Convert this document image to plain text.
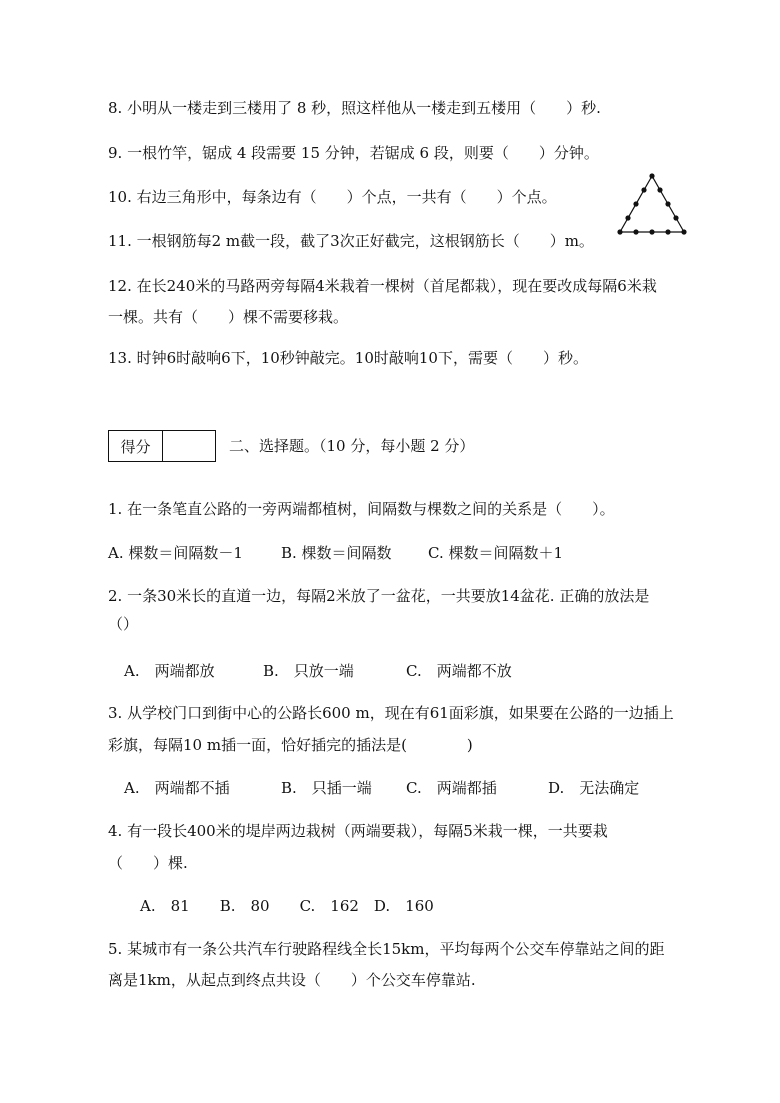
8. 小明从一楼走到三楼用了 8 秒，照这样他从一楼走到五楼用（　　）秒.
9. 一根竹竿，锯成 4 段需要 15 分钟，若锯成 6 段，则要（　　）分钟。
10. 右边三角形中，每条边有（　　）个点，一共有（　　）个点。
11. 一根钢筋每2 m截一段，截了3次正好截完，这根钢筋长（　　）m。
12. 在长240米的马路两旁每隔4米栽着一棵树（首尾都栽），现在要改成每隔6米栽
一棵。共有（　　）棵不需要移栽。
13. 时钟6时敲响6下，10秒钟敲完。10时敲响10下，需要（　　）秒。
得分	二、选择题。（10 分，每小题 2 分）
1. 在一条笔直公路的一旁两端都植树，间隔数与棵数之间的关系是（　　）。
A. 棵数＝间隔数－1	B. 棵数＝间隔数 C. 棵数＝间隔数＋1
2. 一条30米长的直道一边，每隔2米放了一盆花，一共要放14盆花. 正确的放法是
（）
A.　两端都放	B.　只放一端	C.　两端都不放
3. 从学校门口到街中心的公路长600 m，现在有61面彩旗，如果要在公路的一边插上
彩旗，每隔10 m插一面，恰好插完的插法是(　　　　)
A.　两端都不插	B.　只插一端 C.　两端都插	D.　无法确定
4. 有一段长400米的堤岸两边栽树（两端要栽），每隔5米栽一棵，一共要栽
（　　）棵.
A.　81　　B.　80　　C.　162　D.　160
5. 某城市有一条公共汽车行驶路程线全长15km，平均每两个公交车停靠站之间的距
离是1km，从起点到终点共设（　　）个公交车停靠站.
